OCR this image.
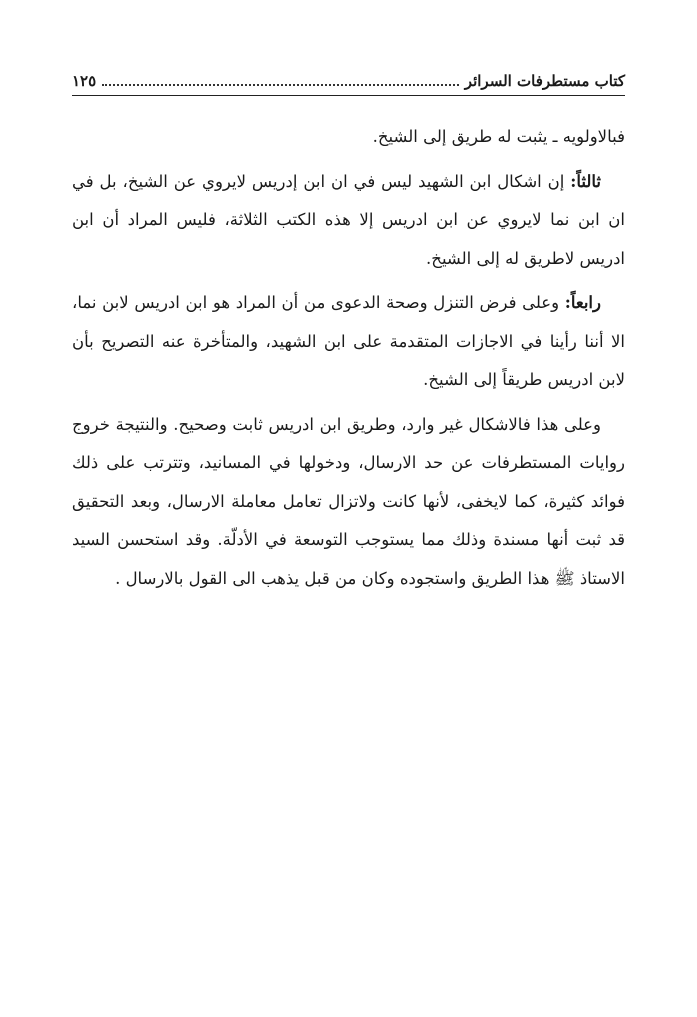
كتاب مستطرفات السرائر
١٢٥

فبالاولويه ـ يثبت له طريق إلى الشيخ.

ثالثاً: إن اشكال ابن الشهيد ليس في ان ابن إدريس لايروي عن الشيخ، بل في ان ابن نما لايروي عن ابن ادريس إلا هذه الكتب الثلاثة، فليس المراد أن ابن ادريس لاطريق له إلى الشيخ.

رابعاً: وعلى فرض التنزل وصحة الدعوى من أن المراد هو ابن ادريس لابن نما، الا أننا رأينا في الاجازات المتقدمة على ابن الشهيد، والمتأخرة عنه التصريح بأن لابن ادريس طريقاً إلى الشيخ.

وعلى هذا فالاشكال غير وارد، وطريق ابن ادريس ثابت وصحيح. والنتيجة خروج روايات المستطرفات عن حد الارسال، ودخولها في المسانيد، وتترتب على ذلك فوائد كثيرة، كما لايخفى، لأنها كانت ولاتزال تعامل معاملة الارسال، وبعد التحقيق قد ثبت أنها مسندة وذلك مما يستوجب التوسعة في الأدلّة. وقد استحسن السيد الاستاذ ﷺ هذا الطريق واستجوده وكان من قبل يذهب الى القول بالارسال .
